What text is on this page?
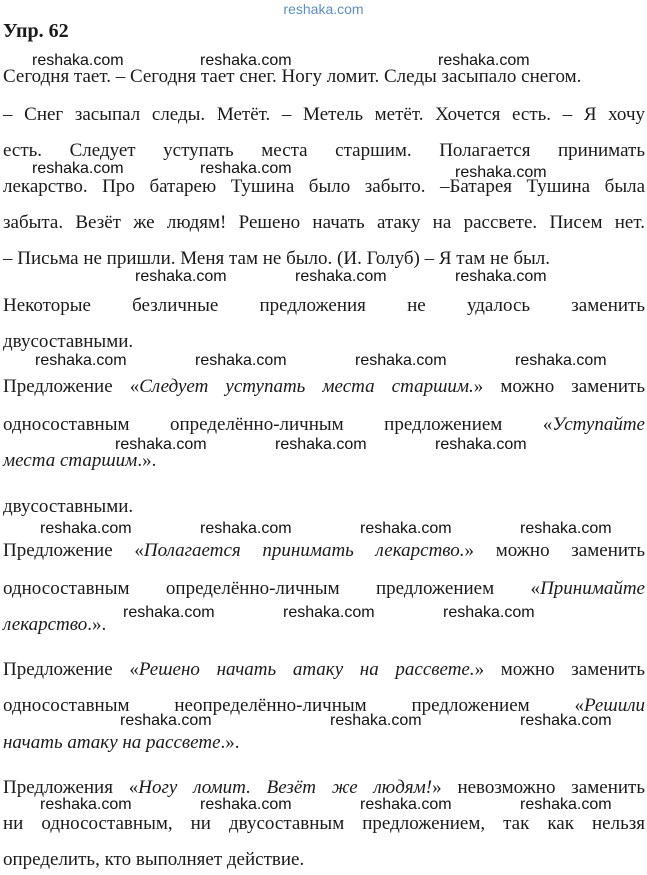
reshaka.com
Упр. 62
reshaka.com	reshaka.com	reshaka.com
reshaka.com
reshaka.com	reshaka.com
reshaka.com	reshaka.com	reshaka.com
reshaka.com	reshaka.com	reshaka.com	reshaka.com
reshaka.com	reshaka.com	reshaka.com
reshaka.com	reshaka.com	reshaka.com	reshaka.com
reshaka.com	reshaka.com	reshaka.com
reshaka.com	reshaka.com	reshaka.com
reshaka.com	reshaka.com	reshaka.com	reshaka.com
Сегодня тает. – Сегодня тает снег. Ногу ломит. Следы засыпало снегом.
– Снег засыпал следы. Метёт. – Метель метёт. Хочется есть. – Я хочу
есть. Следует уступать места старшим. Полагается принимать
лекарство. Про батарею Тушина было забыто. –Батарея Тушина была
забыта. Везёт же людям! Решено начать атаку на рассвете. Писем нет.
– Письма не пришли. Меня там не было. (И. Голуб) – Я там не был.
Некоторые безличные предложения не удалось заменить
двусоставными.
Предложение «Следует уступать места старшим.» можно заменить
односоставным определённо-личным предложением «Уступайте
места старшим.».
двусоставными.
Предложение «Полагается принимать лекарство.» можно заменить
односоставным определённо-личным предложением «Принимайте
лекарство.».
Предложение «Решено начать атаку на рассвете.» можно заменить
односоставным неопределённо-личным предложением «Решили
начать атаку на рассвете.».
Предложения «Ногу ломит. Везёт же людям!» невозможно заменить
ни односоставным, ни двусоставным предложением, так как нельзя
определить, кто выполняет действие.
